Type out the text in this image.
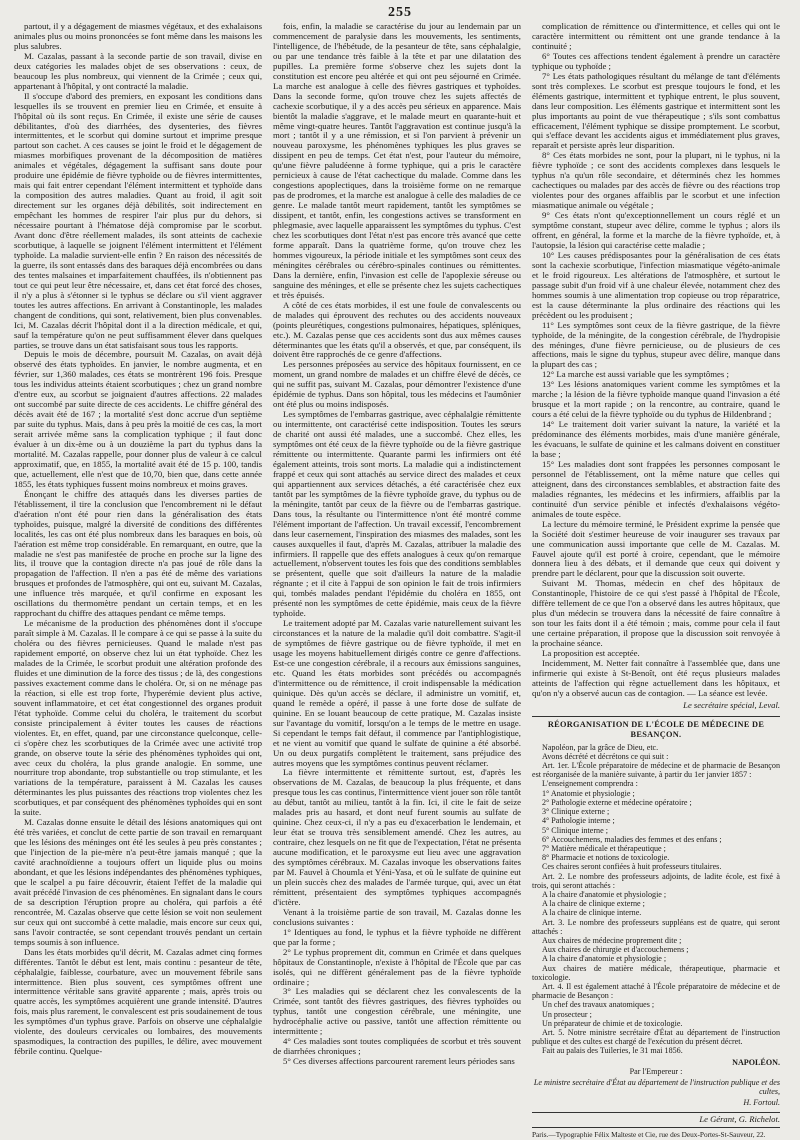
255

partout, il y a dégagement de miasmes végétaux, et des exhalaisons animales plus ou moins prononcées se font même dans les maisons les plus salubres.

M. Cazalas, passant à la seconde partie de son travail, divise en deux catégories les malades objet de ses observations : ceux, de beaucoup les plus nombreux, qui viennent de la Crimée ; ceux qui, appartenant à l'hôpital, y ont contracté la maladie.

Il s'occupe d'abord des premiers, en exposant les conditions dans lesquelles ils se trouvent en premier lieu en Crimée, et ensuite à l'hôpital où ils sont reçus. En Crimée, il existe une série de causes débilitantes, d'où des diarrhées, des dysenteries, des fièvres intermittentes, et le scorbut qui domine surtout et imprime presque partout son cachet. A ces causes se joint le froid et le dégagement de miasmes morbifiques provenant de la décomposition de matières animales et végétales, dégagement la suffisant sans doute pour produire une épidémie de fièvre typhoïde ou de fièvres intermittentes, mais qui fait entrer cependant l'élément intermittent et typhoïde dans la composition des autres maladies. Quant au froid, il agit soit directement sur les organes déjà débilités, soit indirectement en empêchant les hommes de respirer l'air plus pur du dehors, si nécessaire pourtant à l'hématose déjà compromise par le scorbut. Avant donc d'être réellement malades, ils sont atteints de cachexie scorbutique, à laquelle se joignent l'élément intermittent et l'élément typhoïde. La maladie survient-elle enfin ? En raison des nécessités de la guerre, ils sont entassés dans des baraques déjà encombrées ou dans des tentes malsaines et imparfaitement chauffées, ils n'obtiennent pas tout ce qui peut leur être nécessaire, et, dans cet état forcé des choses, il n'y a plus à s'étonner si le typhus se déclare ou s'il vient aggraver toutes les autres affections. En arrivant à Constantinople, les malades changent de conditions, qui sont, relativement, bien plus convenables. Ici, M. Cazalas décrit l'hôpital dont il a la direction médicale, et qui, sauf la température qu'on ne peut suffisamment élever dans quelques parties, se trouve dans un état satisfaisant sous tous les rapports.

Depuis le mois de décembre, poursuit M. Cazalas, on avait déjà observé des états typhoïdes. En janvier, le nombre augmenta, et en février, sur 1,360 malades, ces états se montrèrent 196 fois. Presque tous les individus atteints étaient scorbutiques ; chez un grand nombre d'entre eux, au scorbut se joignaient d'autres affections. 22 malades ont succombé par suite directe de ces accidents. Le chiffre général des décès avait été de 167 ; la mortalité s'est donc accrue d'un septième par suite du typhus. Mais, dans à peu près la moitié de ces cas, la mort serait arrivée même sans la complication typhique ; il faut donc évaluer à un dix-ème ou à un douzième la part du typhus dans la mortalité. M. Cazalas rappelle, pour donner plus de valeur à ce calcul approximatif, que, en 1855, la mortalité avait été de 15 p. 100, tandis que, actuellement, elle n'est que de 10,70, bien que, dans cette année 1855, les états typhiques fussent moins nombreux et moins graves.

Énonçant le chiffre des attaqués dans les diverses parties de l'établissement, il tire la conclusion que l'encombrement ni le défaut d'aération n'ont été pour rien dans la généralisation des états typhoïdes, puisque, malgré la diversité de conditions des différentes localités, les cas ont été plus nombreux dans les baraques en bois, où l'aération est même trop considérable. En remarquant, en outre, que la maladie ne s'est pas manifestée de proche en proche sur la ligne des lits, il trouve que la contagion directe n'a pas joué de rôle dans la propagation de l'affection. Il n'en a pas été de même des variations brusques et profondes de l'atmosphère, qui ont eu, suivant M. Cazalas, une influence très marquée, et qu'il confirme en exposant les oscillations du thermomètre pendant un certain temps, et en les rapprochant du chiffre des attaques pendant ce même temps.

Le mécanisme de la production des phénomènes dont il s'occupe paraît simple à M. Cazalas. Il le compare à ce qui se passe à la suite du choléra ou des fièvres pernicieuses. Quand le malade n'est pas rapidement emporté, on observe chez lui un état typhoïde. Chez les malades de la Crimée, le scorbut produit une altération profonde des fluides et une diminution de la force des tissus ; de là, des congestions passives exactement comme dans le choléra. Or, si on ne ménage pas la réaction, si elle est trop forte, l'hyperémie devient plus active, souvent inflammatoire, et cet état congestionnel des organes produit l'état typhoïde. Comme celui du choléra, le traitement du scorbut consiste principalement à éviter toutes les causes de réactions violentes. Et, en effet, quand, par une circonstance quelconque, celle-ci s'opère chez les scorbutiques de la Crimée avec une activité trop grande, on observe toute la série des phénomènes typhoïdes qui ont, avec ceux du choléra, la plus grande analogie. En somme, une nourriture trop abondante, trop substantielle ou trop stimulante, et les variations de la température, paraissent à M. Cazalas les causes déterminantes les plus puissantes des réactions trop violentes chez les scorbutiques, et par conséquent des phénomènes typhoïdes qui en sont la suite.

M. Cazalas donne ensuite le détail des lésions anatomiques qui ont été très variées, et conclut de cette partie de son travail en remarquant que les lésions des méninges ont été les seules à peu près constantes ; que l'injection de la pie-mère n'a peut-être jamais manqué ; que la cavité arachnoïdienne a toujours offert un liquide plus ou moins abondant, et que les lésions indépendantes des phénomènes typhiques, que le scalpel a pu faire découvrir, étaient l'effet de la maladie qui avait précédé l'invasion de ces phénomènes. En signalant dans le cours de sa description l'éruption propre au choléra, qui parfois a été rencontrée, M. Cazalas observe que cette lésion se voit non seulement sur ceux qui ont succombé à cette maladie, mais encore sur ceux qui, sans l'avoir contractée, se sont cependant trouvés pendant un certain temps soumis à son influence.

Dans les états morbides qu'il décrit, M. Cazalas admet cinq formes différentes. Tantôt le début est lent, mais continu : pesanteur de tête, céphalalgie, faiblesse, courbature, avec un mouvement fébrile sans intermittence. Bien plus souvent, ces symptômes offrent une intermittence véritable sans gravité apparente ; mais, après trois ou quatre accès, les symptômes acquièrent une grande intensité. D'autres fois, mais plus rarement, le convalescent est pris soudainement de tous les symptômes d'un typhus grave. Parfois on observe une céphalalgie violente, des douleurs cervicales ou lombaires, des mouvements spasmodiques, la contraction des pupilles, le délire, avec mouvement fébrile continu. Quelque-

fois, enfin, la maladie se caractérise du jour au lendemain par un commencement de paralysie dans les mouvements, les sentiments, l'intelligence, de l'hébétude, de la pesanteur de tête, sans céphalalgie, ou par une tendance très faible à la tête et par une dilatation des pupilles. La première forme s'observe chez les sujets dont la constitution est encore peu altérée et qui ont peu séjourné en Crimée. La marche est analogue à celle des fièvres gastriques et typhoïdes. Dans la seconde forme, qu'on trouve chez les sujets affectés de cachexie scorbutique, il y a des accès peu sérieux en apparence. Mais bientôt la maladie s'aggrave, et le malade meurt en quarante-huit et même vingt-quatre heures. Tantôt l'aggravation est continue jusqu'à la mort ; tantôt il y a une rémission, et si l'on parvient à prévenir un nouveau paroxysme, les phénomènes typhiques les plus graves se dissipent en peu de temps. Cet état n'est, pour l'auteur du mémoire, qu'une fièvre paludéenne à forme typhique, qui a pris le caractère pernicieux à cause de l'état cachectique du malade. Comme dans les congestions apoplectiques, dans la troisième forme on ne remarque pas de prodromes, et la marche est analogue à celle des maladies de ce genre. Le malade tantôt meurt rapidement, tantôt les symptômes se dissipent, et tantôt, enfin, les congestions actives se transforment en phlegmasie, avec laquelle apparaissent les symptômes du typhus. C'est chez les scorbutiques dont l'état n'est pas encore très avancé que cette forme apparaît. Dans la quatrième forme, qu'on trouve chez les hommes vigoureux, la période initiale et les symptômes sont ceux des méningites cérébrales ou cérébro-spinales continues ou rémittentes. Dans la dernière, enfin, l'invasion est celle de l'apoplexie séreuse ou sanguine des méninges, et elle se présente chez les sujets cachectiques et très épuisés.

A côté de ces états morbides, il est une foule de convalescents ou de malades qui éprouvent des rechutes ou des accidents nouveaux (points pleurétiques, congestions pulmonaires, hépatiques, spléniques, etc.). M. Cazalas pense que ces accidents sont dus aux mêmes causes déterminantes que les états qu'il a observés, et que, par conséquent, ils doivent être rapprochés de ce genre d'affections.

Les personnes préposées au service des hôpitaux fournissent, en ce moment, un grand nombre de malades et un chiffre élevé de décès, ce qui ne suffit pas, suivant M. Cazalas, pour démontrer l'existence d'une épidémie de typhus. Dans son hôpital, tous les médecins et l'aumônier ont été plus ou moins indisposés.

Les symptômes de l'embarras gastrique, avec céphalalgie rémittente ou intermittente, ont caractérisé cette indisposition. Toutes les sœurs de charité ont aussi été malades, une a succombé. Chez elles, les symptômes ont été ceux de la fièvre typhoïde ou de la fièvre gastrique rémittente ou intermittente. Quarante parmi les infirmiers ont été également atteints, trois sont morts. La maladie qui a indistinctement frappé et ceux qui sont attachés au service direct des malades et ceux qui appartiennent aux services détachés, a été caractérisée chez eux tantôt par les symptômes de la fièvre typhoïde grave, du typhus ou de la méningite, tantôt par ceux de la fièvre ou de l'embarras gastrique. Dans tous, la résultante ou l'intermittence n'ont été montré comme l'élément important de l'affection. Un travail excessif, l'encombrement dans leur casernement, l'inspiration des miasmes des malades, sont les causes auxquelles il faut, d'après M. Cazalas, attribuer la maladie des infirmiers. Il rappelle que des effets analogues à ceux qu'on remarque actuellement, n'observent toutes les fois que des conditions semblables se présentent, quelle que soit d'ailleurs la nature de la maladie régnante ; et il cite à l'appui de son opinion le fait de trois infirmiers qui, tombés malades pendant l'épidémie du choléra en 1855, ont présenté non les symptômes de cette épidémie, mais ceux de la fièvre typhoïde.

Le traitement adopté par M. Cazalas varie naturellement suivant les circonstances et la nature de la maladie qu'il doit combattre. S'agit-il de symptômes de fièvre gastrique ou de fièvre typhoïde, il met en usage les moyens habituellement dirigés contre ce genre d'affections. Est-ce une congestion cérébrale, il a recours aux émissions sanguines, etc. Quand les états morbides sont précédés ou accompagnés d'intermittence ou de rémittence, il croit indispensable la médication quinique. Dès qu'un accès se déclare, il administre un vomitif, et, quand le remède a opéré, il passe à une forte dose de sulfate de quinine. En se louant beaucoup de cette pratique, M. Cazalas insiste sur l'avantage du vomitif, lorsqu'on a le temps de le mettre en usage. Si cependant le temps fait défaut, il commence par l'antiphlogistique, et ne vient au vomitif que quand le sulfate de quinine a été absorbé. Un ou deux purgatifs complètent le traitement, sans préjudice des autres moyens que les symptômes continus peuvent réclamer.

La fièvre intermittente et rémittente surtout, est, d'après les observations de M. Cazalas, de beaucoup la plus fréquente, et dans presque tous les cas continus, l'intermittence vient jouer son rôle tantôt au début, tantôt au milieu, tantôt à la fin. Ici, il cite le fait de seize malades pris au hasard, et dont neuf furent soumis au sulfate de quinine. Chez ceux-ci, il n'y a pas eu d'exacerbation le lendemain, et leur état se trouva très sensiblement amendé. Chez les autres, au contraire, chez lesquels on ne fit que de l'expectation, l'état ne présenta aucune modification, et le paroxysme eut lieu avec une aggravation des symptômes cérébraux. M. Cazalas invoque les observations faites par M. Fauvel à Choumla et Yéni-Yasa, et où le sulfate de quinine eut un plein succès chez des malades de l'armée turque, qui, avec un état rémittent, présentaient des symptômes typhiques accompagnés d'ictère.

Venant à la troisième partie de son travail, M. Cazalas donne les conclusions suivantes :

1° Identiques au fond, le typhus et la fièvre typhoïde ne diffèrent que par la forme ;

2° Le typhus proprement dit, commun en Crimée et dans quelques hôpitaux de Constantinople, n'existe à l'hôpital de l'École que par cas isolés, qui ne diffèrent généralement pas de la fièvre typhoïde ordinaire ;

3° Les maladies qui se déclarent chez les convalescents de la Crimée, sont tantôt des fièvres gastriques, des fièvres typhoïdes ou typhus, tantôt une congestion cérébrale, une méningite, une hydrocéphalie active ou passive, tantôt une affection rémittente ou intermittente ;

4° Ces maladies sont toutes compliquées de scorbut et très souvent de diarrhées chroniques ;

5° Ces diverses affections parcourent rarement leurs périodes sans

complication de rémittence ou d'intermittence, et celles qui ont le caractère intermittent ou rémittent ont une grande tendance à la continuité ;

6° Toutes ces affections tendent également à prendre un caractère typhique ou typhoïde ;

7° Les états pathologiques résultant du mélange de tant d'éléments sont très complexes. Le scorbut est presque toujours le fond, et les éléments gastrique, intermittent et typhique entrent, le plus souvent, dans leur composition. Les éléments gastrique et intermittent sont les plus importants au point de vue thérapeutique ; s'ils sont combattus efficacement, l'élément typhique se dissipe promptement. Le scorbut, qui s'efface devant les accidents aigus et immédiatement plus graves, reparaît et persiste après leur disparition.

8° Ces états morbides ne sont, pour la plupart, ni le typhus, ni la fièvre typhoïde ; ce sont des accidents complexes dans lesquels le typhus n'a qu'un rôle secondaire, et déterminés chez les hommes cachectiques ou malades par des accès de fièvre ou des réactions trop violentes pour des organes affaiblis par le scorbut et une infection miasmatique animale ou végétale ;

9° Ces états n'ont qu'exceptionnellement un cours réglé et un symptôme constant, stupeur avec délire, comme le typhus ; alors ils offrent, en général, la forme et la marche de la fièvre typhoïde, et, à l'autopsie, la lésion qui caractérise cette maladie ;

10° Les causes prédisposantes pour la généralisation de ces états sont la cachexie scorbutique, l'infection miasmatique végéto-animale et le froid rigoureux. Les altérations de l'atmosphère, et surtout le passage subit d'un froid vif à une chaleur élevée, notamment chez des hommes soumis à une alimentation trop copieuse ou trop réparatrice, est la cause déterminante la plus ordinaire des réactions qui les précèdent ou les produisent ;

11° Les symptômes sont ceux de la fièvre gastrique, de la fièvre typhoïde, de la méningite, de la congestion cérébrale, de l'hydropisie des méninges, d'une fièvre pernicieuse, ou de plusieurs de ces affections, mais le signe du typhus, stupeur avec délire, manque dans la plupart des cas ;

12° La marche est aussi variable que les symptômes ;

13° Les lésions anatomiques varient comme les symptômes et la marche ; la lésion de la fièvre typhoïde manque quand l'invasion a été brusque et la mort rapide ; on la rencontre, au contraire, quand le cours a été celui de la fièvre typhoïde ou du typhus de Hildenbrand ;

14° Le traitement doit varier suivant la nature, la variété et la prédominance des éléments morbides, mais d'une manière générale, les évacuans, le sulfate de quinine et les calmans doivent en constituer la base ;

15° Les maladies dont sont frappées les personnes composant le personnel de l'établissement, ont la même nature que celles qui atteignent, dans des circonstances semblables, et abstraction faite des maladies régnantes, les médecins et les infirmiers, affaiblis par la continuité d'un service pénible et infectés d'exhalaisons végéto-animales de toute espèce.

La lecture du mémoire terminé, le Président exprime la pensée que la Société doit s'estimer heureuse de voir inaugurer ses travaux par une communication aussi importante que celle de M. Cazalas. M. Fauvel ajoute qu'il est porté à croire, cependant, que le mémoire donnera lieu à des débats, et il demande que ceux qui doivent y prendre part le déclarent, pour que la discussion soit ouverte.

Suivant M. Thomas, médecin en chef des hôpitaux de Constantinople, l'histoire de ce qui s'est passé à l'hôpital de l'École, diffère tellement de ce que l'on a observé dans les autres hôpitaux, que plus d'un médecin se trouvera dans la nécessité de faire connaître à son tour les faits dont il a été témoin ; mais, comme pour cela il faut une certaine préparation, il propose que la discussion soit renvoyée à la prochaine séance.

La proposition est acceptée.

Incidemment, M. Netter fait connaître à l'assemblée que, dans une infirmerie qui existe à St-Benoît, ont été reçus plusieurs malades atteints de l'affection qui règne actuellement dans les hôpitaux, et qu'on n'y a observé aucun cas de contagion. — La séance est levée.

Le secrétaire spécial, Leval.

RÉORGANISATION DE L'ÉCOLE DE MÉDECINE DE BESANÇON.

Napoléon, par la grâce de Dieu, etc.

Avons décrété et décrétons ce qui suit :

Art. 1er. L'École préparatoire de médecine et de pharmacie de Besançon est réorganisée de la manière suivante, à partir du 1er janvier 1857 :

L'enseignement comprendra :

1° Anatomie et physiologie ;

2° Pathologie externe et médecine opératoire ;

3° Clinique externe ;

4° Pathologie interne ;

5° Clinique interne ;

6° Accouchemens, maladies des femmes et des enfans ;

7° Matière médicale et thérapeutique ;

8° Pharmacie et notions de toxicologie.

Ces chaires seront confiées à huit professeurs titulaires.

Art. 2. Le nombre des professeurs adjoints, de ladite école, est fixé à trois, qui seront attachés :

A la chaire d'anatomie et physiologie ;

A la chaire de clinique externe ;

A la chaire de clinique interne.

Art. 3. Le nombre des professeurs suppléans est de quatre, qui seront attachés :

Aux chaires de médecine proprement dite ;

Aux chaires de chirurgie et d'accouchemens ;

A la chaire d'anatomie et physiologie ;

Aux chaires de matière médicale, thérapeutique, pharmacie et toxicologie.

Art. 4. Il est également attaché à l'École préparatoire de médecine et de pharmacie de Besançon :

Un chef des travaux anatomiques ;

Un prosecteur ;

Un préparateur de chimie et de toxicologie.

Art. 5. Notre ministre secrétaire d'État au département de l'instruction publique et des cultes est chargé de l'exécution du présent décret.

Fait au palais des Tuileries, le 31 mai 1856.

NAPOLÉON.

Par l'Empereur :

Le ministre secrétaire d'État au département de l'instruction publique et des cultes,

H. Fortoul.

Le Gérant, G. Richelot.

Paris.—Typographie Félix Malteste et Cie, rue des Deux-Portes-St-Sauveur, 22.
